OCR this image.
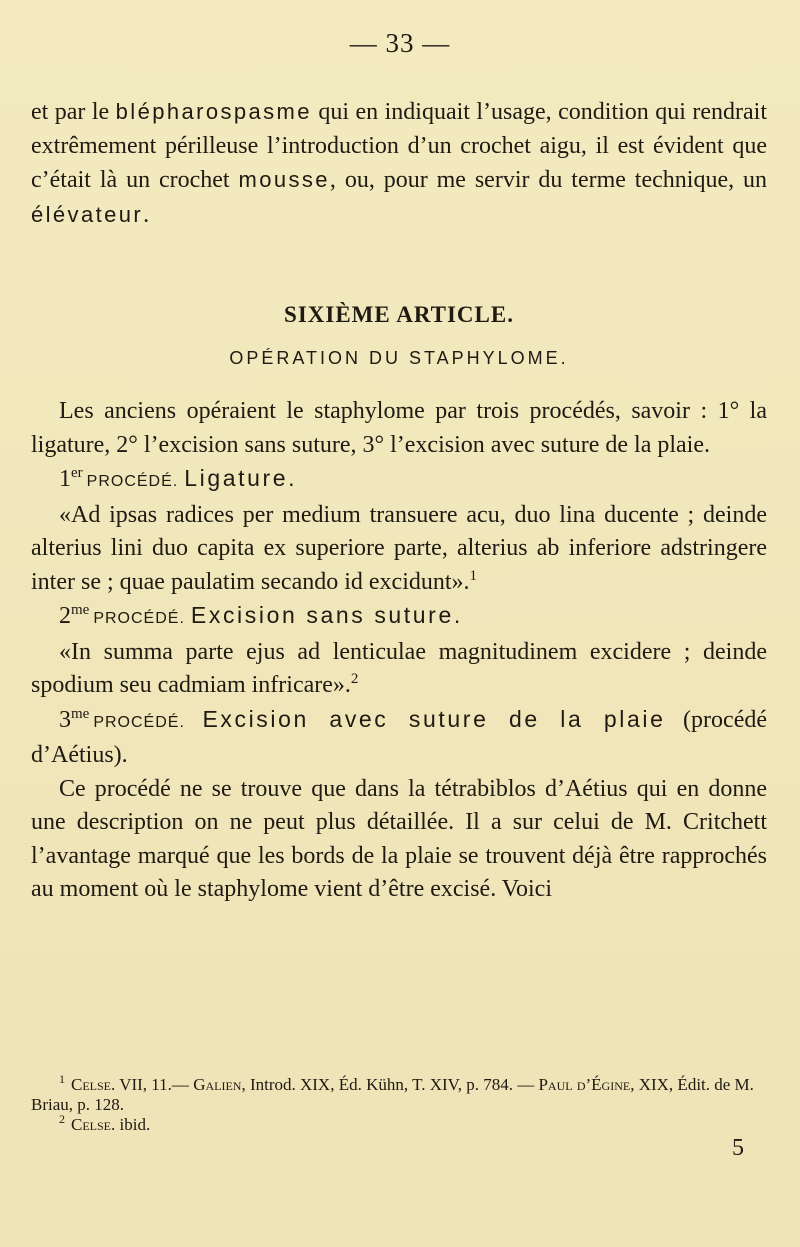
— 33 —

et par le blépharospasme qui en indiquait l’usage, condition qui rendrait extrêmement périlleuse l’introduction d’un crochet aigu, il est évident que c’était là un crochet mousse, ou, pour me servir du terme technique, un élévateur.

SIXIÈME ARTICLE.

OPÉRATION DU STAPHYLOME.

Les anciens opéraient le staphylome par trois procédés, savoir : 1° la ligature, 2° l’excision sans suture, 3° l’excision avec suture de la plaie.

1er PROCÉDÉ. Ligature.

«Ad ipsas radices per medium transuere acu, duo lina ducente ; deinde alterius lini duo capita ex superiore parte, alterius ab inferiore adstringere inter se ; quae paulatim secando id excidunt».$^1$

2$^{me}$ PROCÉDÉ. Excision sans suture.

«In summa parte ejus ad lenticulae magnitudinem excidere ; deinde spodium seu cadmiam infricare».$^2$

3$^{me}$ PROCÉDÉ. Excision avec suture de la plaie (procédé d’Aétius).

Ce procédé ne se trouve que dans la tétrabiblos d’Aétius qui en donne une description on ne peut plus détaillée. Il a sur celui de M. Critchett l’avantage marqué que les bords de la plaie se trouvent déjà être rapprochés au moment où le staphylome vient d’être excisé. Voici

$^1$ Celse. VII, 11.— Galien, Introd. XIX, Éd. Kühn, T. XIV, p. 784. — Paul d’Égine, XIX, Édit. de M. Briau, p. 128.

$^2$ Celse. ibid.

5
